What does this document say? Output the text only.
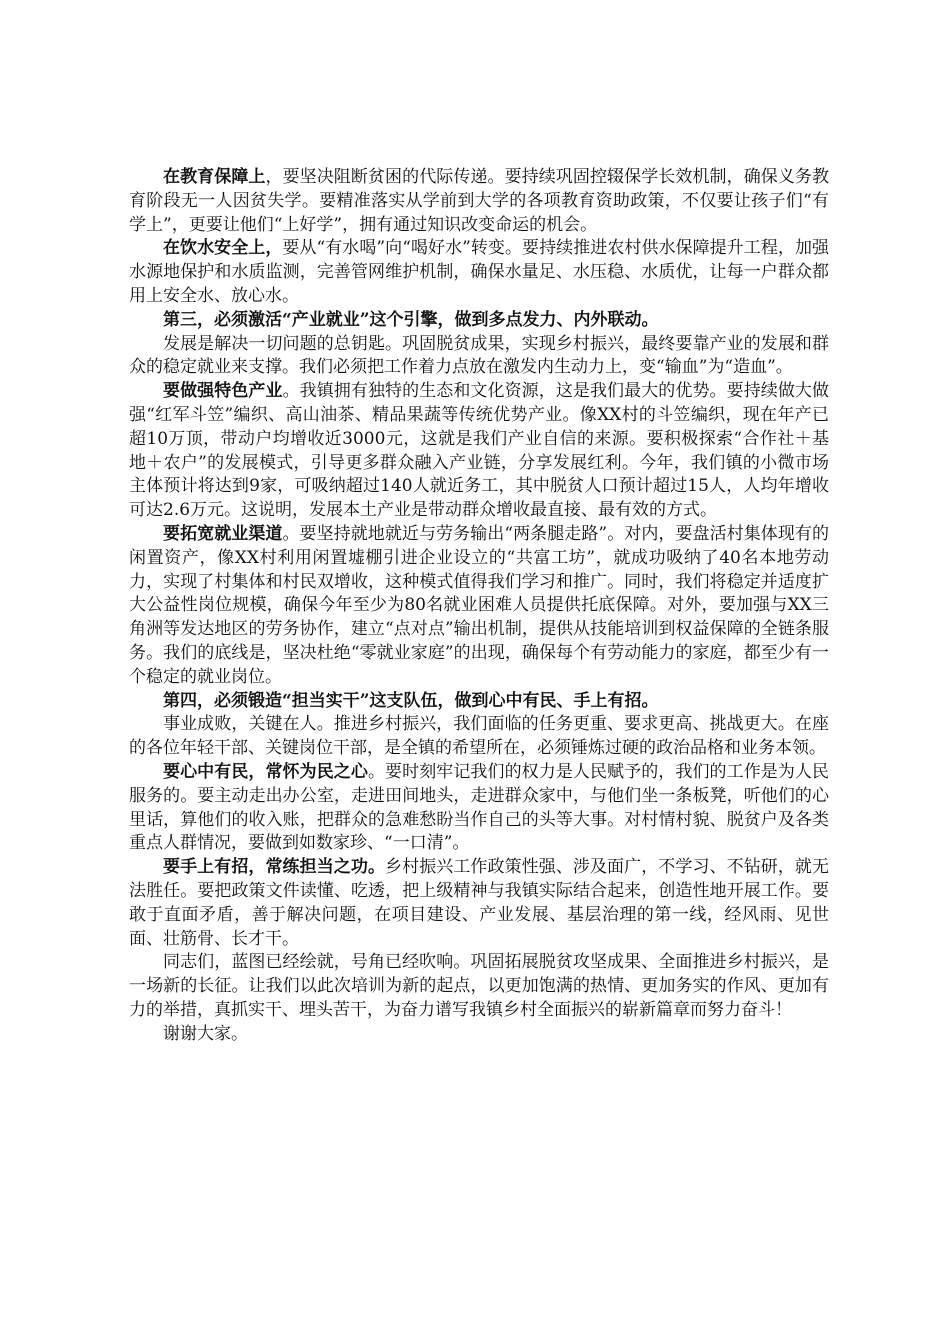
在教育保障上，要坚决阻断贫困的代际传递。要持续巩固控辍保学长效机制，确保义务教育阶段无一人因贫失学。要精准落实从学前到大学的各项教育资助政策，不仅要让孩子们“有学上”，更要让他们“上好学”，拥有通过知识改变命运的机会。

在饮水安全上，要从“有水喝”向“喝好水”转变。要持续推进农村供水保障提升工程，加强水源地保护和水质监测，完善管网维护机制，确保水量足、水压稳、水质优，让每一户群众都用上安全水、放心水。

第三，必须激活“产业就业”这个引擎，做到多点发力、内外联动。

发展是解决一切问题的总钥匙。巩固脱贫成果，实现乡村振兴，最终要靠产业的发展和群众的稳定就业来支撑。我们必须把工作着力点放在激发内生动力上，变“输血”为“造血”。

要做强特色产业。我镇拥有独特的生态和文化资源，这是我们最大的优势。要持续做大做强“红军斗笠”编织、高山油茶、精品果蔬等传统优势产业。像XX村的斗笠编织，现在年产已超10万顶，带动户均增收近3000元，这就是我们产业自信的来源。要积极探索“合作社＋基地＋农户”的发展模式，引导更多群众融入产业链，分享发展红利。今年，我们镇的小微市场主体预计将达到9家，可吸纳超过140人就近务工，其中脱贫人口预计超过15人，人均年增收可达2.6万元。这说明，发展本土产业是带动群众增收最直接、最有效的方式。

要拓宽就业渠道。要坚持就地就近与劳务输出“两条腿走路”。对内，要盘活村集体现有的闲置资产，像XX村利用闲置墟棚引进企业设立的“共富工坊”，就成功吸纳了40名本地劳动力，实现了村集体和村民双增收，这种模式值得我们学习和推广。同时，我们将稳定并适度扩大公益性岗位规模，确保今年至少为80名就业困难人员提供托底保障。对外，要加强与XX三角洲等发达地区的劳务协作，建立“点对点”输出机制，提供从技能培训到权益保障的全链条服务。我们的底线是，坚决杜绝“零就业家庭”的出现，确保每个有劳动能力的家庭，都至少有一个稳定的就业岗位。

第四，必须锻造“担当实干”这支队伍，做到心中有民、手上有招。

事业成败，关键在人。推进乡村振兴，我们面临的任务更重、要求更高、挑战更大。在座的各位年轻干部、关键岗位干部，是全镇的希望所在，必须锤炼过硬的政治品格和业务本领。

要心中有民，常怀为民之心。要时刻牢记我们的权力是人民赋予的，我们的工作是为人民服务的。要主动走出办公室，走进田间地头，走进群众家中，与他们坐一条板凳，听他们的心里话，算他们的收入账，把群众的急难愁盼当作自己的头等大事。对村情村貌、脱贫户及各类重点人群情况，要做到如数家珍、“一口清”。

要手上有招，常练担当之功。乡村振兴工作政策性强、涉及面广，不学习、不钻研，就无法胜任。要把政策文件读懂、吃透，把上级精神与我镇实际结合起来，创造性地开展工作。要敢于直面矛盾，善于解决问题，在项目建设、产业发展、基层治理的第一线，经风雨、见世面、壮筋骨、长才干。

同志们，蓝图已经绘就，号角已经吹响。巩固拓展脱贫攻坚成果、全面推进乡村振兴，是一场新的长征。让我们以此次培训为新的起点，以更加饱满的热情、更加务实的作风、更加有力的举措，真抓实干、埋头苦干，为奋力谱写我镇乡村全面振兴的崭新篇章而努力奋斗！

谢谢大家。
